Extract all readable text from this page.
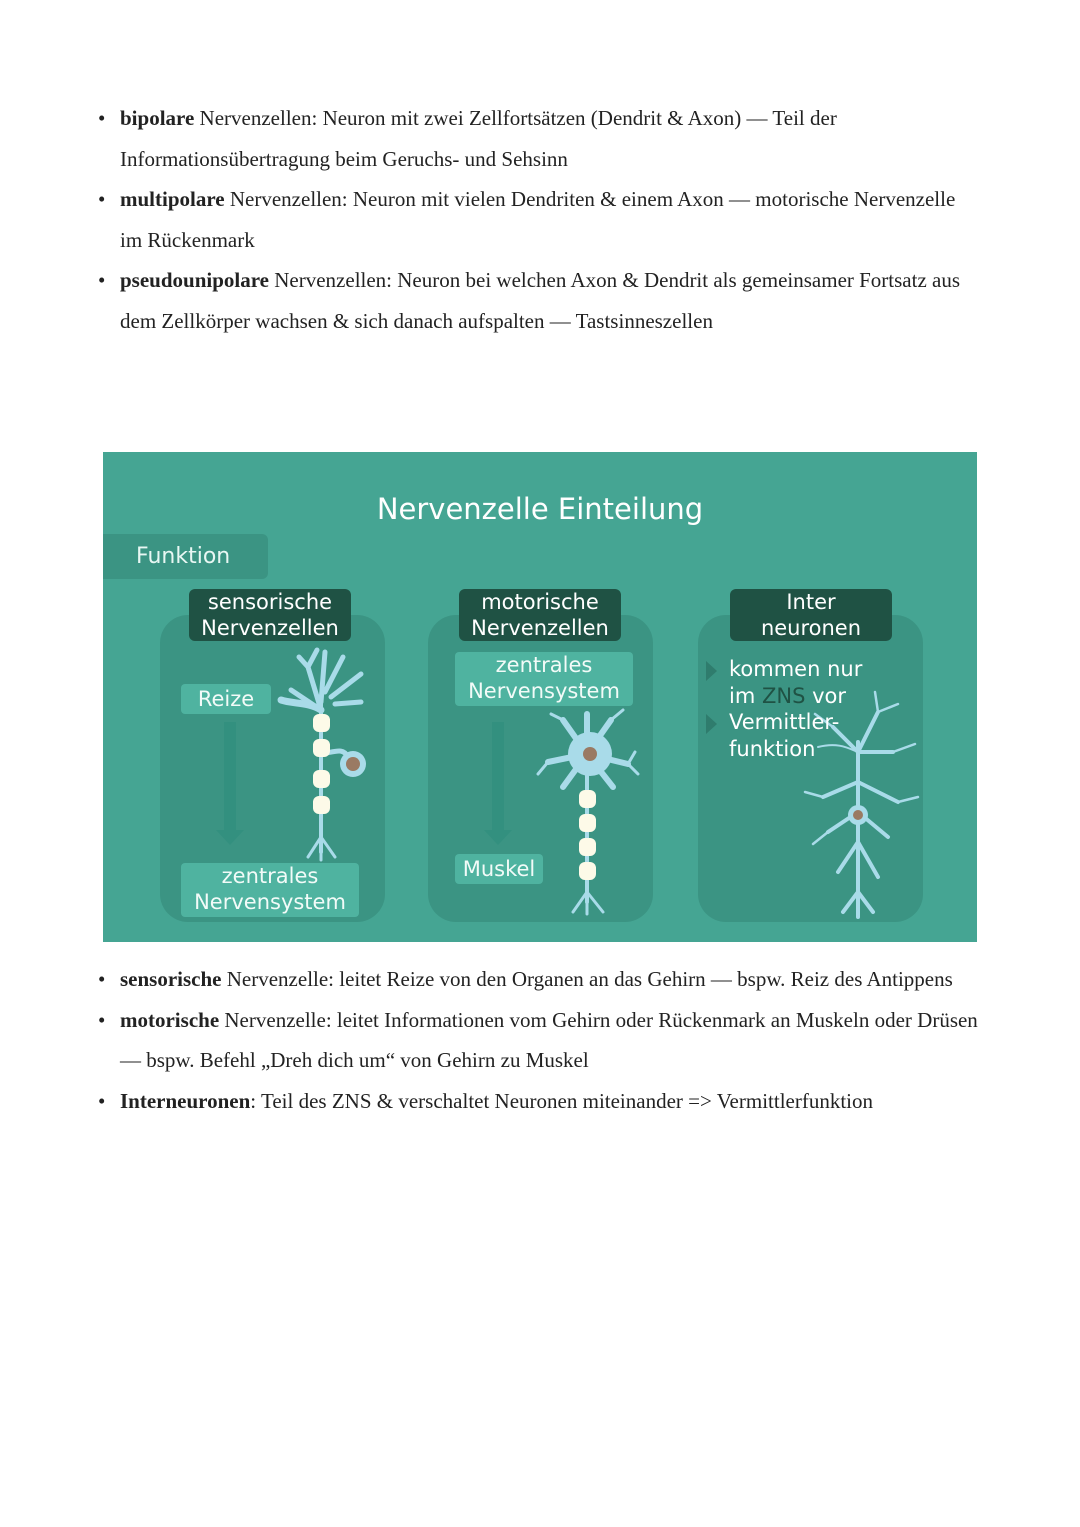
• bipolare Nervenzellen: Neuron mit zwei Zellfortsätzen (Dendrit & Axon) — Teil der Informationsübertragung beim Geruchs- und Sehsinn
• multipolare Nervenzellen: Neuron mit vielen Dendriten & einem Axon — motorische Nervenzelle im Rückenmark
• pseudounipolare Nervenzellen: Neuron bei welchen Axon & Dendrit als gemeinsamer Fortsatz aus dem Zellkörper wachsen & sich danach aufspalten — Tastsinneszellen
Nervenzelle Einteilung
Funktion
sensorische
Nervenzellen
motorische
Nervenzellen
Inter
neuronen
Reize
zentrales
Nervensystem
zentrales
Nervensystem
Muskel
kommen nur
im ZNS vor
Vermittler-
funktion
• sensorische Nervenzelle: leitet Reize von den Organen an das Gehirn — bspw. Reiz des Antippens
• motorische Nervenzelle: leitet Informationen vom Gehirn oder Rückenmark an Muskeln oder Drüsen — bspw. Befehl „Dreh dich um“ von Gehirn zu Muskel
• Interneuronen: Teil des ZNS & verschaltet Neuronen miteinander => Vermittlerfunktion
